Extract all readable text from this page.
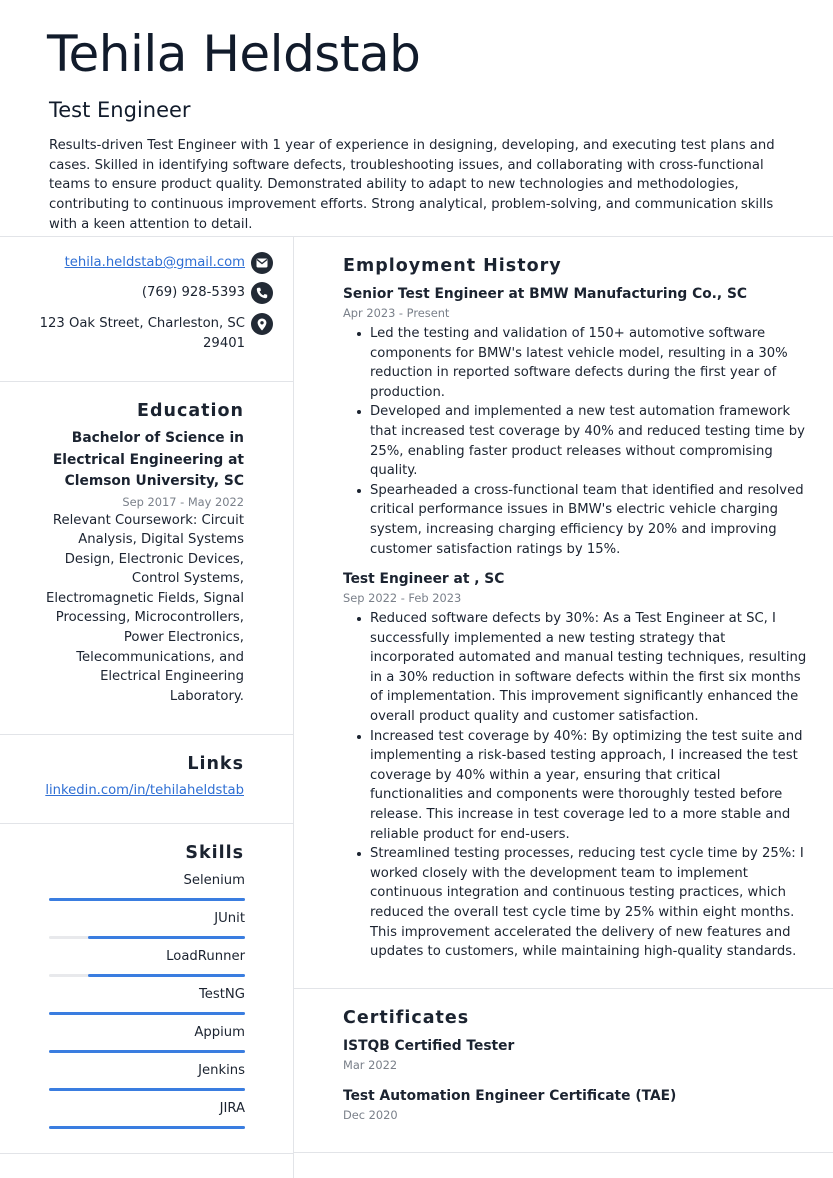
Tehila Heldstab
Test Engineer

Results-driven Test Engineer with 1 year of experience in designing, developing, and executing test plans and cases. Skilled in identifying software defects, troubleshooting issues, and collaborating with cross-functional teams to ensure product quality. Demonstrated ability to adapt to new technologies and methodologies, contributing to continuous improvement efforts. Strong analytical, problem-solving, and communication skills with a keen attention to detail.

tehila.heldstab@gmail.com
(769) 928-5393
123 Oak Street, Charleston, SC
29401
Education
Bachelor of Science in Electrical Engineering at Clemson University, SC
Sep 2017 - May 2022
Relevant Coursework: Circuit Analysis, Digital Systems Design, Electronic Devices, Control Systems, Electromagnetic Fields, Signal Processing, Microcontrollers, Power Electronics, Telecommunications, and Electrical Engineering Laboratory.
Links
linkedin.com/in/tehilaheldstab
Skills
Selenium
JUnit
LoadRunner
TestNG
Appium
Jenkins
JIRA
Employment History
Senior Test Engineer at BMW Manufacturing Co., SC
Apr 2023 - Present
Led the testing and validation of 150+ automotive software components for BMW's latest vehicle model, resulting in a 30% reduction in reported software defects during the first year of production.
Developed and implemented a new test automation framework that increased test coverage by 40% and reduced testing time by 25%, enabling faster product releases without compromising quality.
Spearheaded a cross-functional team that identified and resolved critical performance issues in BMW's electric vehicle charging system, increasing charging efficiency by 20% and improving customer satisfaction ratings by 15%.
Test Engineer at , SC
Sep 2022 - Feb 2023
Reduced software defects by 30%: As a Test Engineer at SC, I successfully implemented a new testing strategy that incorporated automated and manual testing techniques, resulting in a 30% reduction in software defects within the first six months of implementation. This improvement significantly enhanced the overall product quality and customer satisfaction.
Increased test coverage by 40%: By optimizing the test suite and implementing a risk-based testing approach, I increased the test coverage by 40% within a year, ensuring that critical functionalities and components were thoroughly tested before release. This increase in test coverage led to a more stable and reliable product for end-users.
Streamlined testing processes, reducing test cycle time by 25%: I worked closely with the development team to implement continuous integration and continuous testing practices, which reduced the overall test cycle time by 25% within eight months. This improvement accelerated the delivery of new features and updates to customers, while maintaining high-quality standards.
Certificates
ISTQB Certified Tester
Mar 2022
Test Automation Engineer Certificate (TAE)
Dec 2020
